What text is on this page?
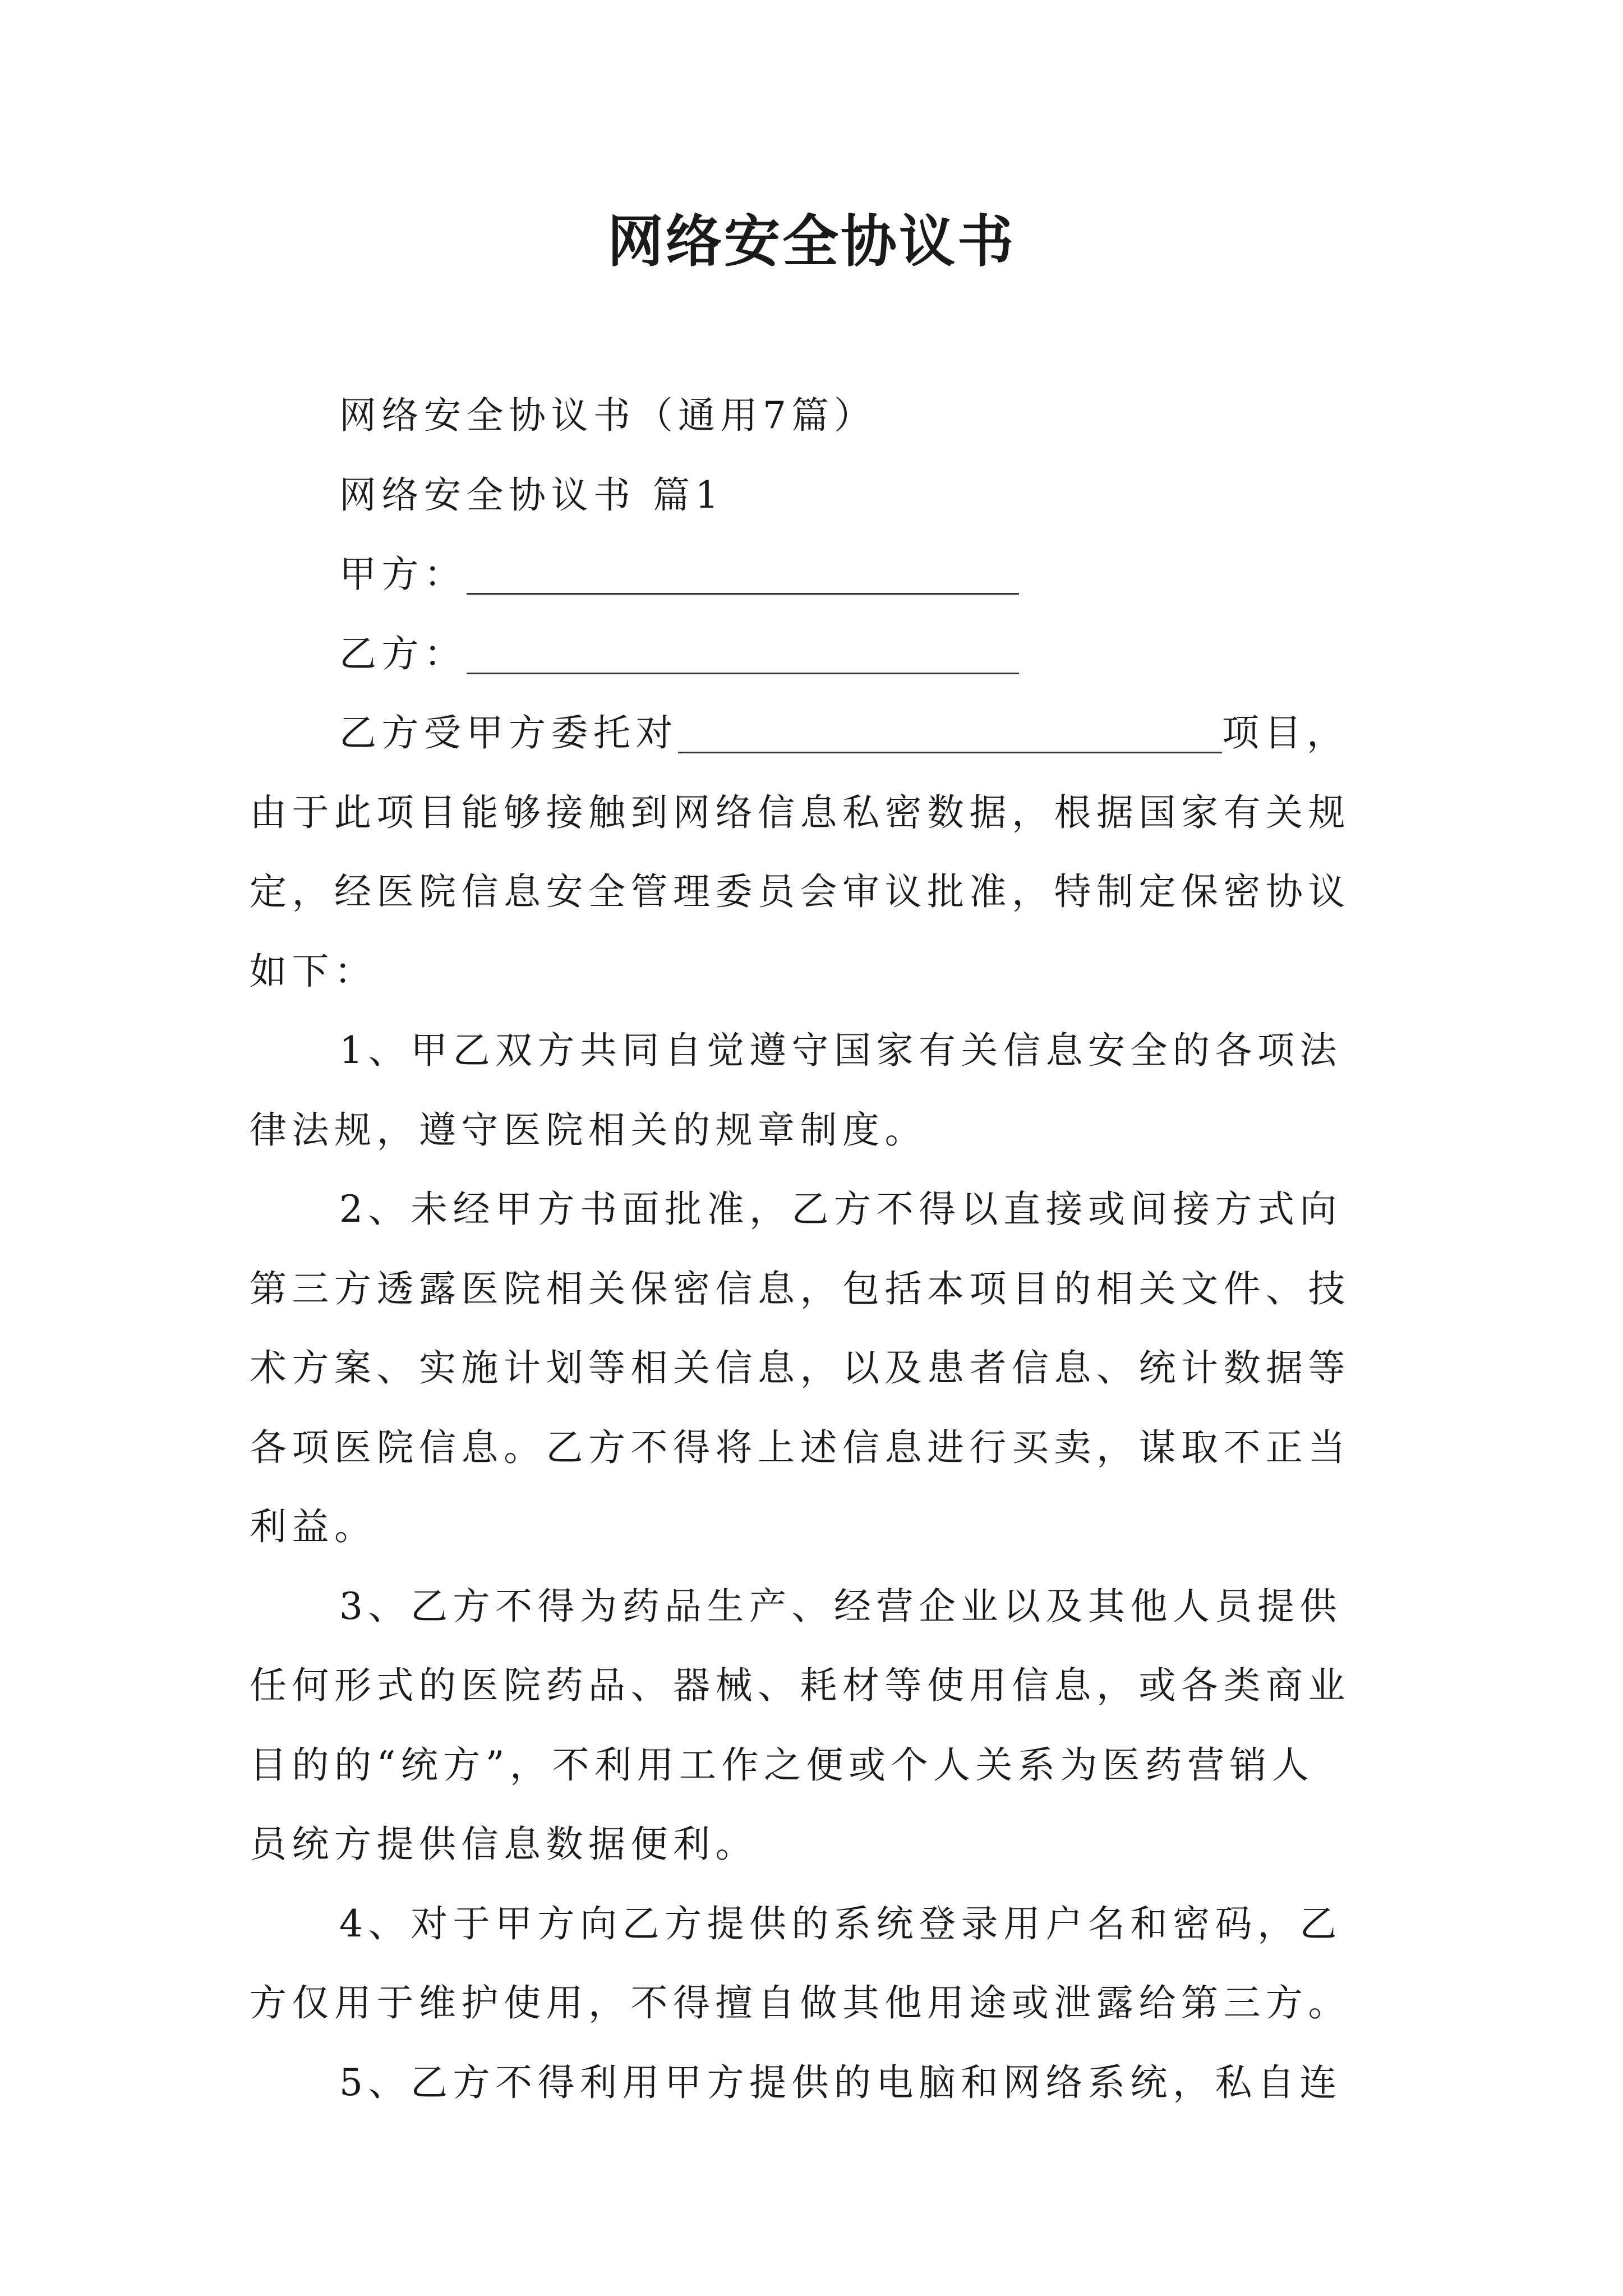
网络安全协议书
网络安全协议书（通用7篇）
网络安全协议书 篇1
甲方：
乙方：
乙方受甲方委托对	项目，
由于此项目能够接触到网络信息私密数据，根据国家有关规
定，经医院信息安全管理委员会审议批准，特制定保密协议
如下：
1、甲乙双方共同自觉遵守国家有关信息安全的各项法
律法规，遵守医院相关的规章制度。
2、未经甲方书面批准，乙方不得以直接或间接方式向
第三方透露医院相关保密信息，包括本项目的相关文件、技
术方案、实施计划等相关信息，以及患者信息、统计数据等
各项医院信息。乙方不得将上述信息进行买卖，谋取不正当
利益。
3、乙方不得为药品生产、经营企业以及其他人员提供
任何形式的医院药品、器械、耗材等使用信息，或各类商业
目的的“统方”，不利用工作之便或个人关系为医药营销人
员统方提供信息数据便利。
4、对于甲方向乙方提供的系统登录用户名和密码，乙
方仅用于维护使用，不得擅自做其他用途或泄露给第三方。
5、乙方不得利用甲方提供的电脑和网络系统，私自连
